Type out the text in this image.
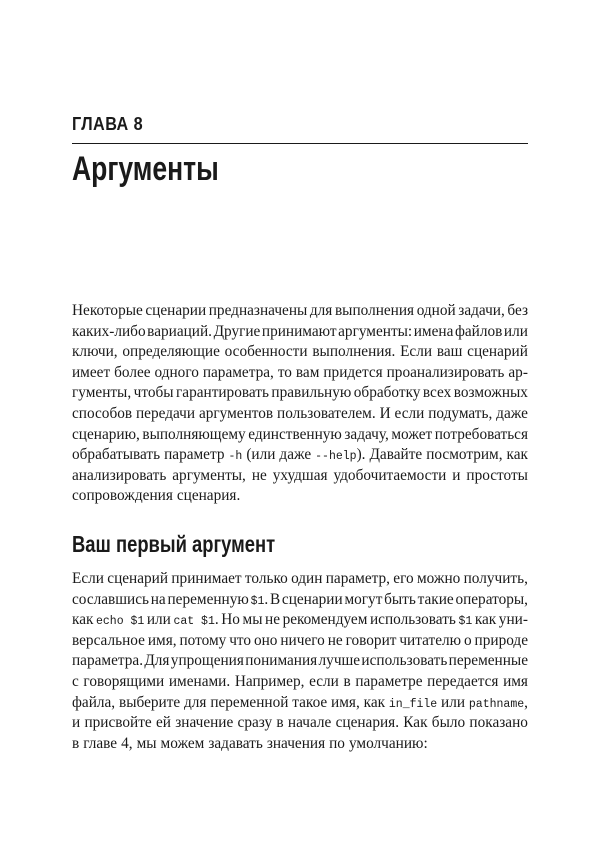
ГЛАВА 8
Аргументы
Некоторые сценарии предназначены для выполнения одной задачи, без
каких-либо вариаций. Другие принимают аргументы: имена файлов или
ключи, определяющие особенности выполнения. Если ваш сценарий
имеет более одного параметра, то вам придется проанализировать ар-
гументы, чтобы гарантировать правильную обработку всех возможных
способов передачи аргументов пользователем. И если подумать, даже
сценарию, выполняющему единственную задачу, может потребоваться
обрабатывать параметр -h (или даже --help). Давайте посмотрим, как
анализировать аргументы, не ухудшая удобочитаемости и простоты
сопровождения сценария.
Ваш первый аргумент
Если сценарий принимает только один параметр, его можно получить,
сославшись на переменную $1. В сценарии могут быть такие операторы,
как echo $1 или cat $1. Но мы не рекомендуем использовать $1 как уни-
версальное имя, потому что оно ничего не говорит читателю о природе
параметра. Для упрощения понимания лучше использовать переменные
с говорящими именами. Например, если в параметре передается имя
файла, выберите для переменной такое имя, как in_file или pathname,
и присвойте ей значение сразу в начале сценария. Как было показано
в главе 4, мы можем задавать значения по умолчанию:
